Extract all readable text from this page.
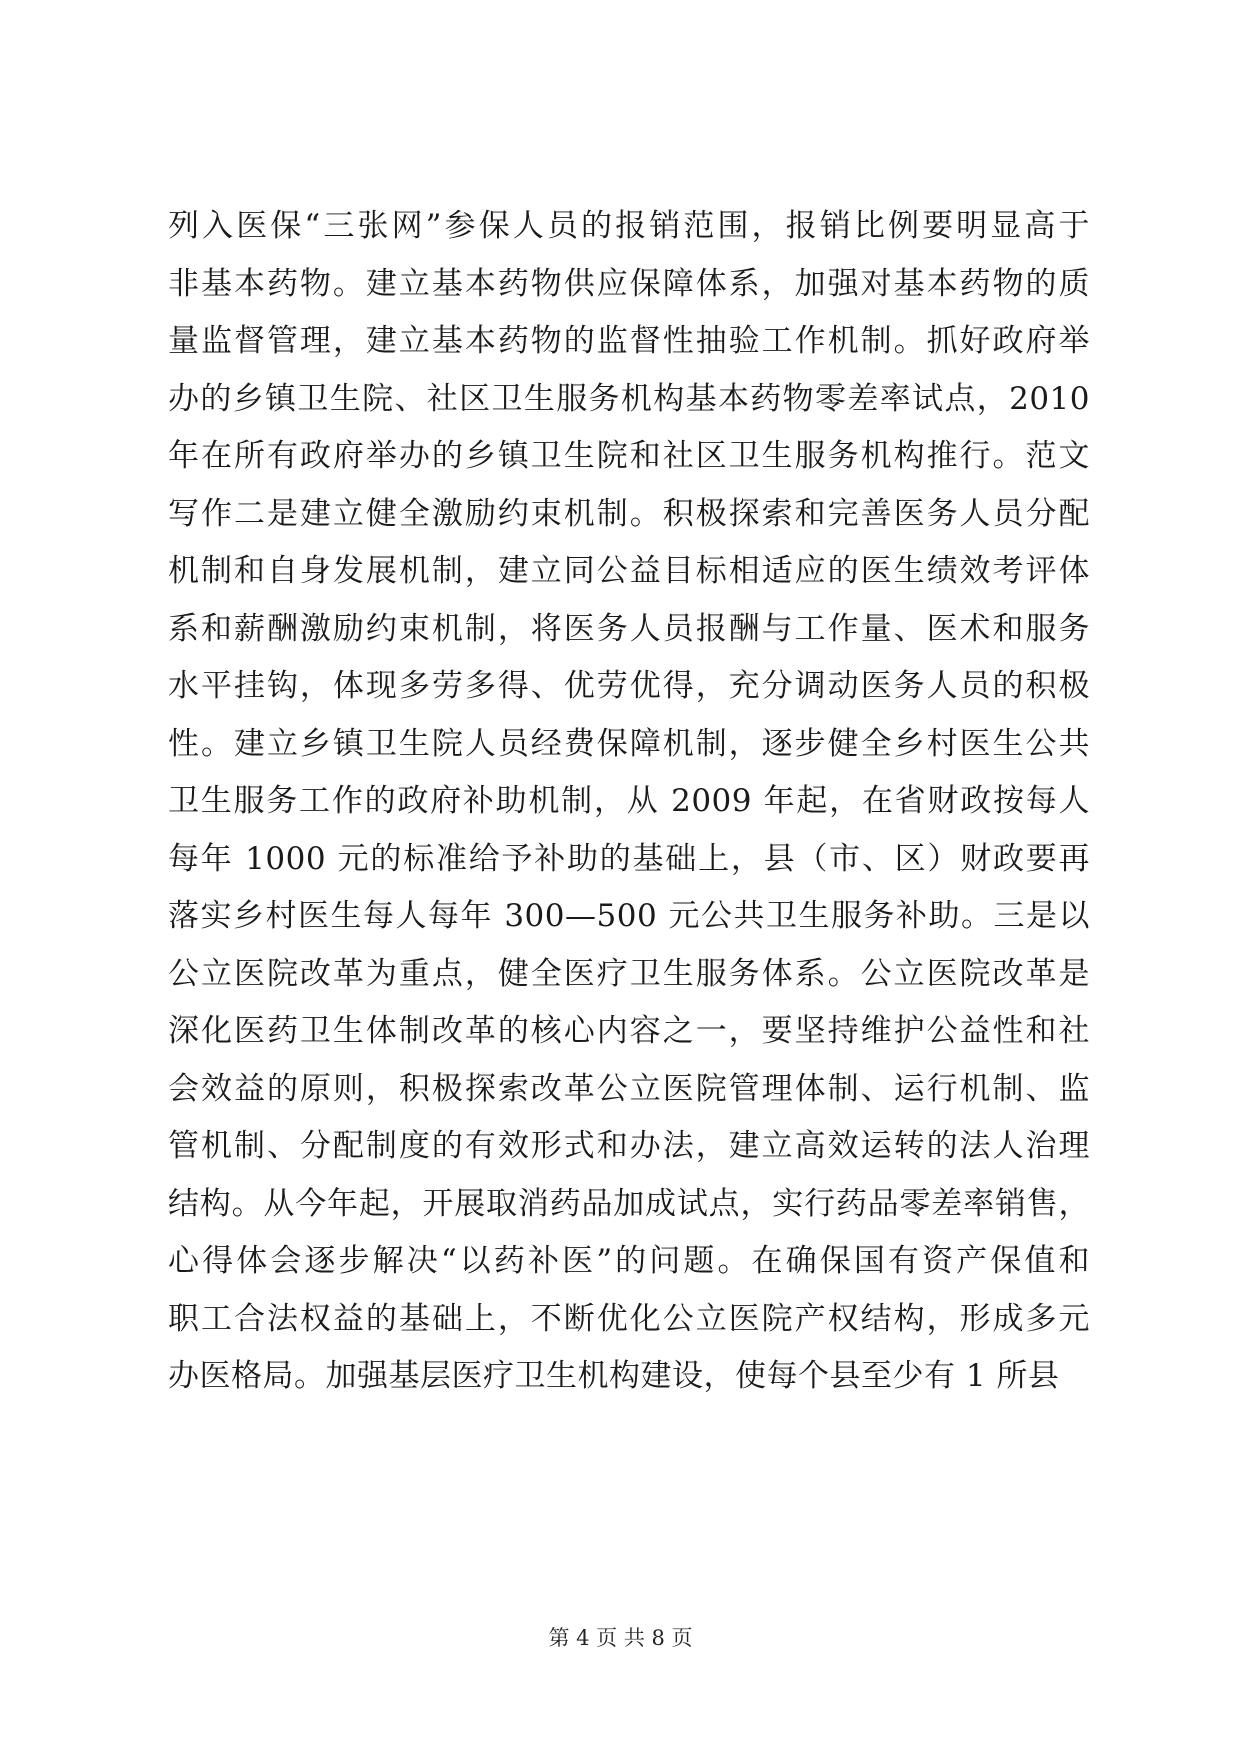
列入医保“三张网”参保人员的报销范围，报销比例要明显高于
非基本药物。建立基本药物供应保障体系，加强对基本药物的质
量监督管理，建立基本药物的监督性抽验工作机制。抓好政府举
办的乡镇卫生院、社区卫生服务机构基本药物零差率试点，2010
年在所有政府举办的乡镇卫生院和社区卫生服务机构推行。范文
写作二是建立健全激励约束机制。积极探索和完善医务人员分配
机制和自身发展机制，建立同公益目标相适应的医生绩效考评体
系和薪酬激励约束机制，将医务人员报酬与工作量、医术和服务
水平挂钩，体现多劳多得、优劳优得，充分调动医务人员的积极
性。建立乡镇卫生院人员经费保障机制，逐步健全乡村医生公共
卫生服务工作的政府补助机制，从 2009 年起，在省财政按每人
每年 1000 元的标准给予补助的基础上，县（市、区）财政要再
落实乡村医生每人每年 300—500 元公共卫生服务补助。三是以
公立医院改革为重点，健全医疗卫生服务体系。公立医院改革是
深化医药卫生体制改革的核心内容之一，要坚持维护公益性和社
会效益的原则，积极探索改革公立医院管理体制、运行机制、监
管机制、分配制度的有效形式和办法，建立高效运转的法人治理
结构。从今年起，开展取消药品加成试点，实行药品零差率销售，
心得体会逐步解决“以药补医”的问题。在确保国有资产保值和
职工合法权益的基础上，不断优化公立医院产权结构，形成多元
办医格局。加强基层医疗卫生机构建设，使每个县至少有 1 所县
第 4 页 共 8 页
